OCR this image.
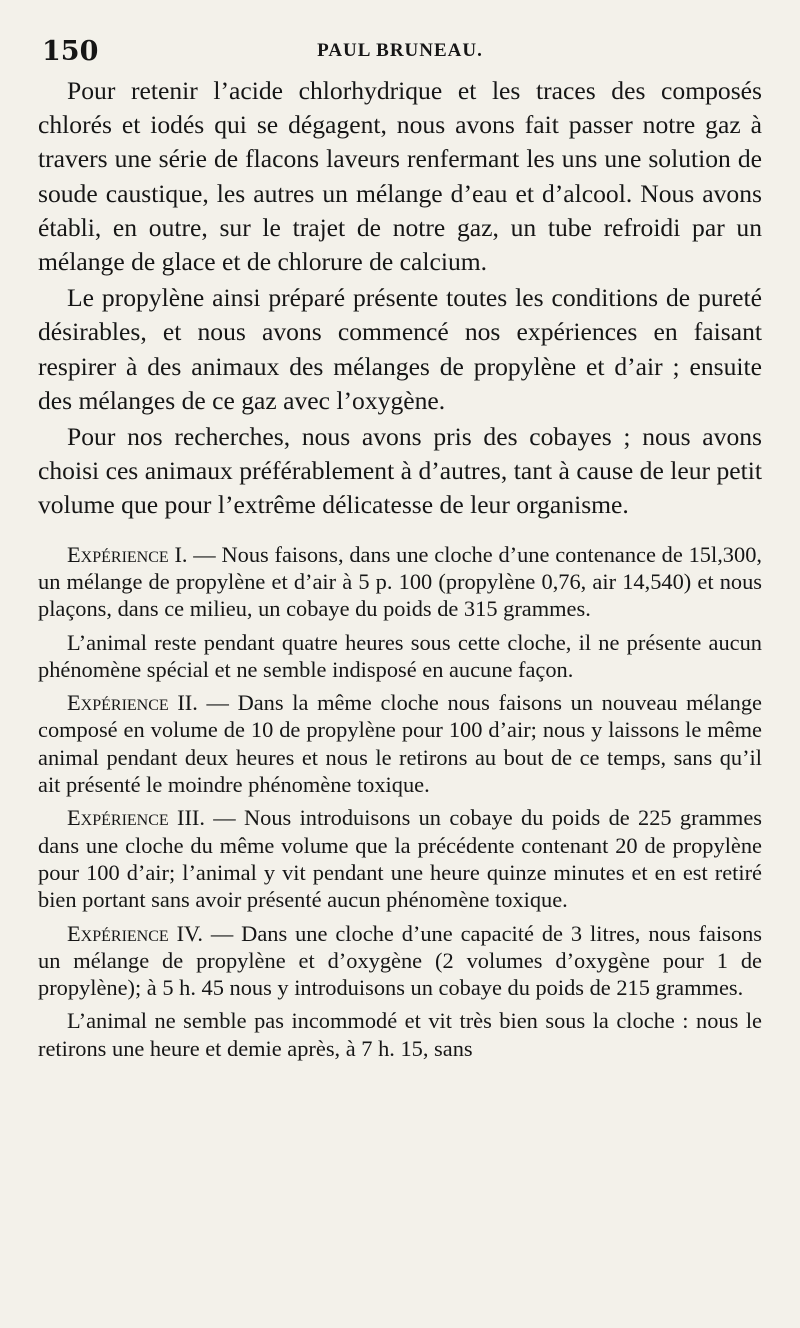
150	PAUL BRUNEAU.

Pour retenir l’acide chlorhydrique et les traces des composés chlorés et iodés qui se dégagent, nous avons fait passer notre gaz à travers une série de flacons laveurs renfermant les uns une solution de soude caustique, les autres un mélange d’eau et d’alcool. Nous avons établi, en outre, sur le trajet de notre gaz, un tube refroidi par un mélange de glace et de chlorure de calcium.

Le propylène ainsi préparé présente toutes les conditions de pureté désirables, et nous avons commencé nos expériences en faisant respirer à des animaux des mélanges de propylène et d’air ; ensuite des mélanges de ce gaz avec l’oxygène.

Pour nos recherches, nous avons pris des cobayes ; nous avons choisi ces animaux préférablement à d’autres, tant à cause de leur petit volume que pour l’extrême délicatesse de leur organisme.

Expérience I. — Nous faisons, dans une cloche d’une contenance de 15l,300, un mélange de propylène et d’air à 5 p. 100 (propylène 0,76, air 14,540) et nous plaçons, dans ce milieu, un cobaye du poids de 315 grammes.

L’animal reste pendant quatre heures sous cette cloche, il ne présente aucun phénomène spécial et ne semble indisposé en aucune façon.

Expérience II. — Dans la même cloche nous faisons un nouveau mélange composé en volume de 10 de propylène pour 100 d’air; nous y laissons le même animal pendant deux heures et nous le retirons au bout de ce temps, sans qu’il ait présenté le moindre phénomène toxique.

Expérience III. — Nous introduisons un cobaye du poids de 225 grammes dans une cloche du même volume que la précédente contenant 20 de propylène pour 100 d’air; l’animal y vit pendant une heure quinze minutes et en est retiré bien portant sans avoir présenté aucun phénomène toxique.

Expérience IV. — Dans une cloche d’une capacité de 3 litres, nous faisons un mélange de propylène et d’oxygène (2 volumes d’oxygène pour 1 de propylène); à 5 h. 45 nous y introduisons un cobaye du poids de 215 grammes.

L’animal ne semble pas incommodé et vit très bien sous la cloche : nous le retirons une heure et demie après, à 7 h. 15, sans
